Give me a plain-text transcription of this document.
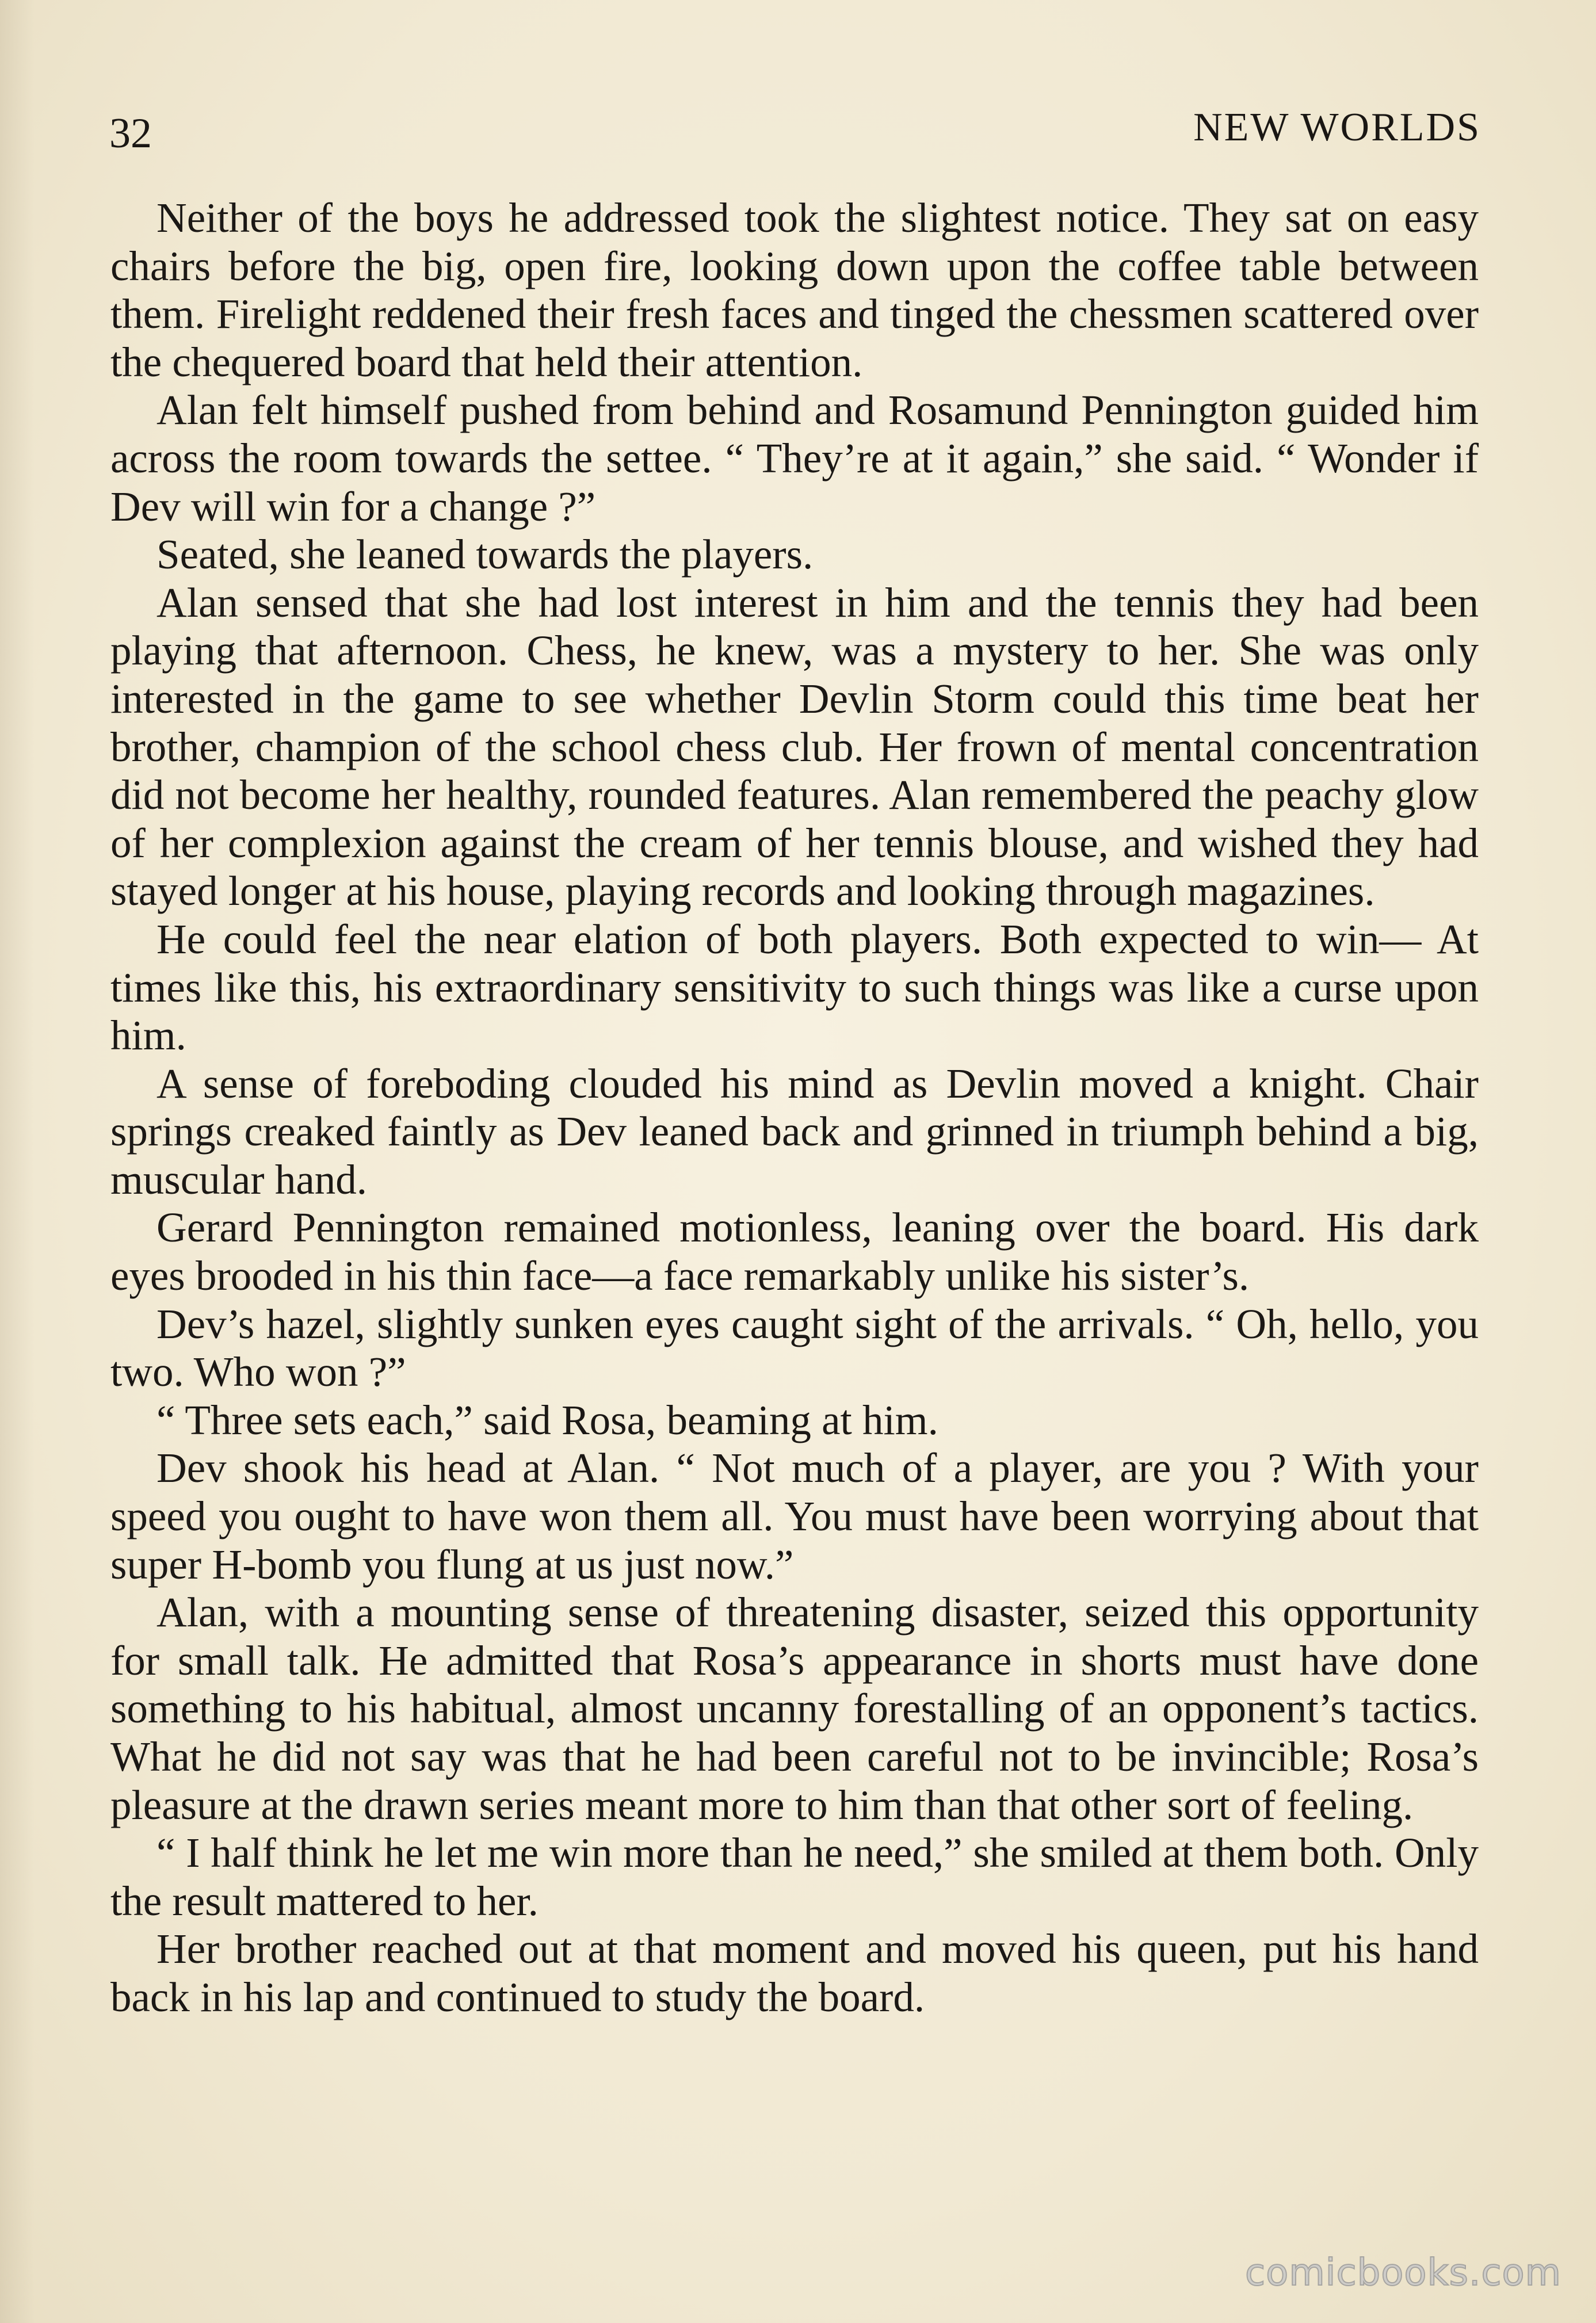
32	NEW WORLDS

Neither of the boys he addressed took the slightest notice. They sat on easy chairs before the big, open fire, looking down upon the coffee table between them. Firelight reddened their fresh faces and tinged the chessmen scattered over the chequered board that held their attention.

Alan felt himself pushed from behind and Rosamund Pennington guided him across the room towards the settee. “ They’re at it again,” she said. “ Wonder if Dev will win for a change ?”

Seated, she leaned towards the players.

Alan sensed that she had lost interest in him and the tennis they had been playing that afternoon. Chess, he knew, was a mystery to her. She was only interested in the game to see whether Devlin Storm could this time beat her brother, champion of the school chess club. Her frown of mental concentration did not become her healthy, rounded features. Alan remembered the peachy glow of her complexion against the cream of her tennis blouse, and wished they had stayed longer at his house, playing records and looking through magazines.

He could feel the near elation of both players. Both expected to win— At times like this, his extraordinary sensitivity to such things was like a curse upon him.

A sense of foreboding clouded his mind as Devlin moved a knight. Chair springs creaked faintly as Dev leaned back and grinned in triumph behind a big, muscular hand.

Gerard Pennington remained motionless, leaning over the board. His dark eyes brooded in his thin face—a face remarkably unlike his sister’s.

Dev’s hazel, slightly sunken eyes caught sight of the arrivals. “ Oh, hello, you two. Who won ?”

“ Three sets each,” said Rosa, beaming at him.

Dev shook his head at Alan. “ Not much of a player, are you ? With your speed you ought to have won them all. You must have been worrying about that super H-bomb you flung at us just now.”

Alan, with a mounting sense of threatening disaster, seized this opportunity for small talk. He admitted that Rosa’s appearance in shorts must have done something to his habitual, almost uncanny forestalling of an opponent’s tactics. What he did not say was that he had been careful not to be invincible; Rosa’s pleasure at the drawn series meant more to him than that other sort of feeling.

“ I half think he let me win more than he need,” she smiled at them both. Only the result mattered to her.

Her brother reached out at that moment and moved his queen, put his hand back in his lap and continued to study the board.

comicbooks.com
